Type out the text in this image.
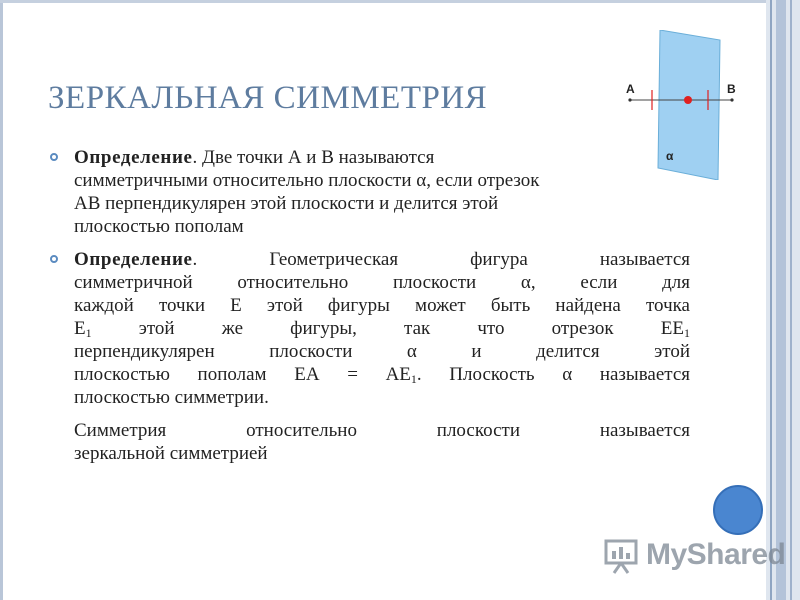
ЗЕРКАЛЬНАЯ СИММЕТРИЯ	A	B
α
Определение. Две точки А и В называются
симметричными относительно плоскости α, если отрезок
АВ перпендикулярен этой плоскости и делится этой
плоскостью пополам
Определение. Геометрическая фигура называется
симметричной относительно плоскости α, если для
каждой точки Е этой фигуры может быть найдена точка
$Е_1$ этой же фигуры, так что отрезок $ЕЕ_1$
перпендикулярен плоскости α и делится этой
плоскостью пополам ЕА = $АЕ_1$. Плоскость α называется
плоскостью симметрии.
Симметрия относительно плоскости называется
зеркальной симметрией
MyShared
